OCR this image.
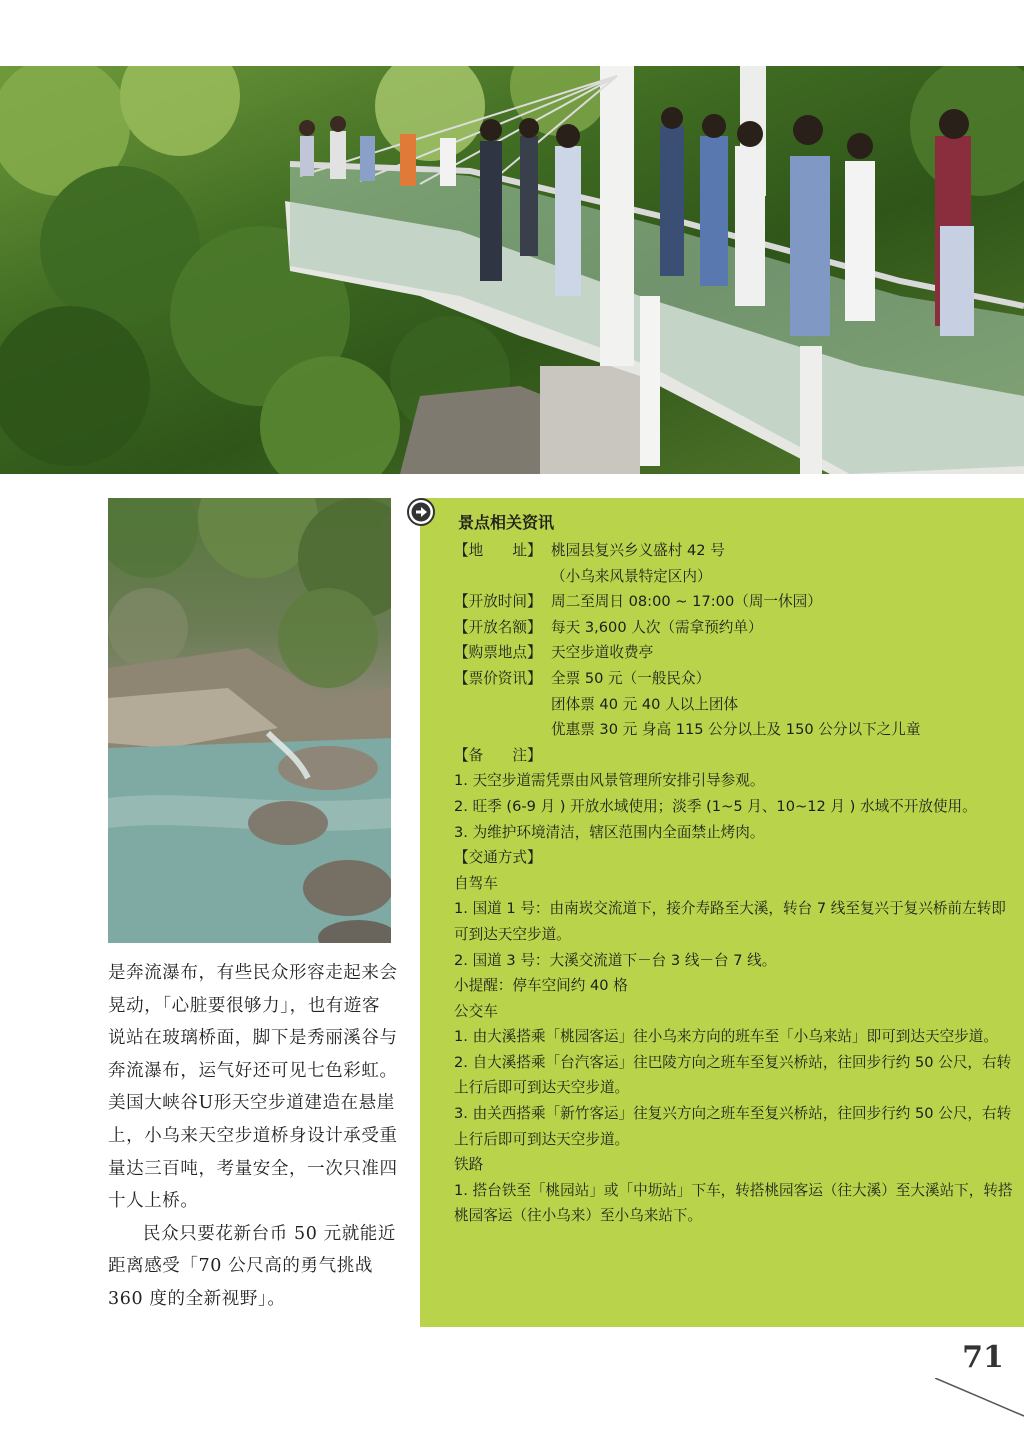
是奔流瀑布，有些民众形容走起来会晃动，「心脏要很够力」，也有遊客说站在玻璃桥面，脚下是秀丽溪谷与奔流瀑布，运气好还可见七色彩虹。美国大峡谷U形天空步道建造在悬崖上，小乌来天空步道桥身设计承受重量达三百吨，考量安全，一次只准四十人上桥。

民众只要花新台币 50 元就能近距离感受「70 公尺高的勇气挑战 360 度的全新视野」。

景点相关资讯
【地　　址】 桃园县复兴乡义盛村 42 号
（小乌来风景特定区内）
【开放时间】 周二至周日 08:00 ~ 17:00（周一休园）
【开放名额】 每天 3,600 人次（需拿预约单）
【购票地点】 天空步道收费亭
【票价资讯】 全票 50 元（一般民众）
团体票 40 元 40 人以上团体
优惠票 30 元 身高 115 公分以上及 150 公分以下之儿童
【备　　注】
1. 天空步道需凭票由风景管理所安排引导参观。
2. 旺季 (6-9 月 ) 开放水域使用；淡季 (1~5 月、10~12 月 ) 水域不开放使用。
3. 为维护环境清洁，辖区范围内全面禁止烤肉。
【交通方式】
自驾车
1. 国道 1 号：由南崁交流道下，接介寿路至大溪，转台 7 线至复兴于复兴桥前左转即可到达天空步道。
2. 国道 3 号：大溪交流道下－台 3 线－台 7 线。
小提醒：停车空间约 40 格
公交车
1. 由大溪搭乘「桃园客运」往小乌来方向的班车至「小乌来站」即可到达天空步道。
2. 自大溪搭乘「台汽客运」往巴陵方向之班车至复兴桥站，往回步行约 50 公尺，右转上行后即可到达天空步道。
3. 由关西搭乘「新竹客运」往复兴方向之班车至复兴桥站，往回步行约 50 公尺，右转上行后即可到达天空步道。
铁路
1. 搭台铁至「桃园站」或「中坜站」下车，转搭桃园客运（往大溪）至大溪站下，转搭桃园客运（往小乌来）至小乌来站下。
71
